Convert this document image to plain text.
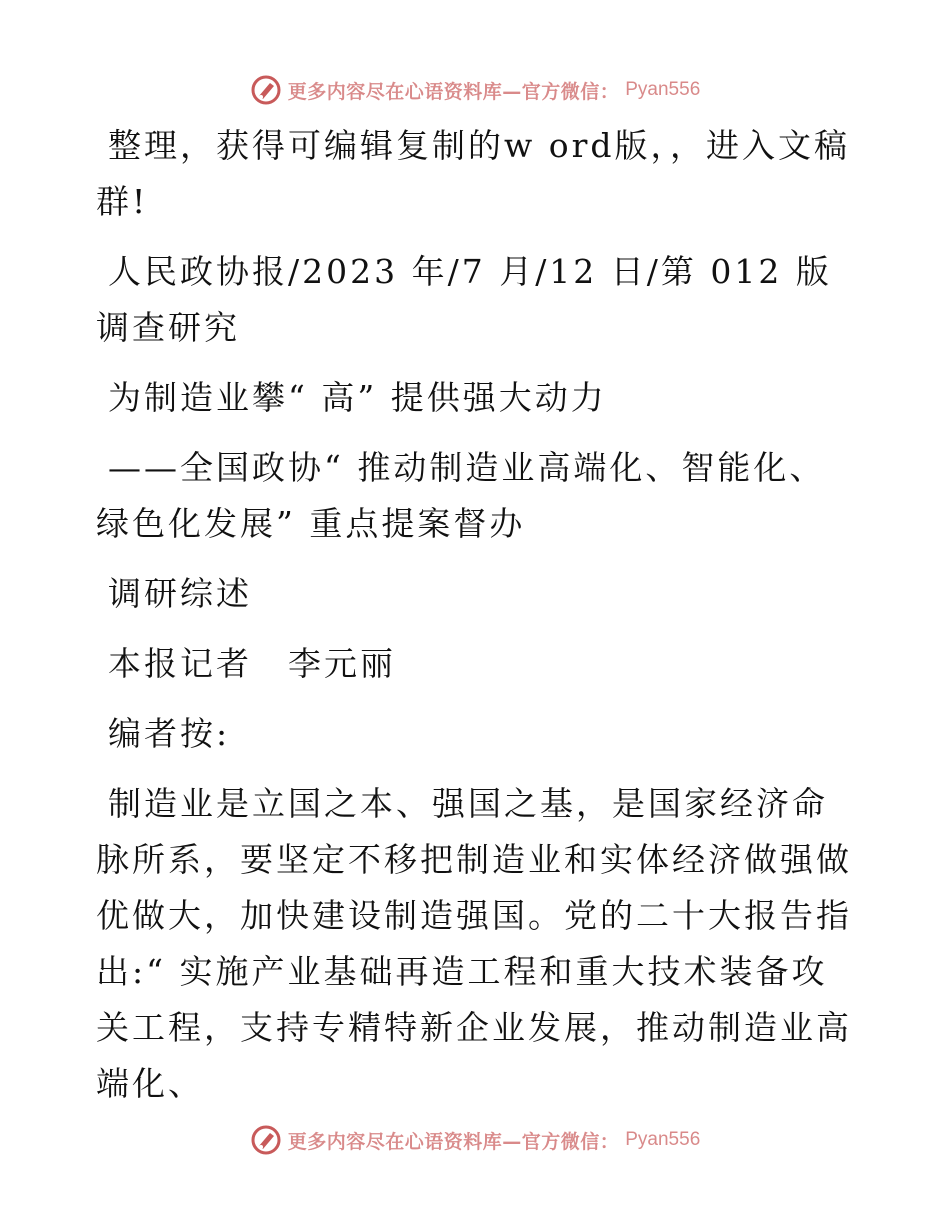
更多内容尽在心语资料库—官方微信： Pyan556

整理，获得可编辑复制的w ord版，，进入文稿群!

人民政协报/2023 年/7 月/12 日/第 012 版调查研究

为制造业攀“ 高” 提供强大动力

——全国政协“ 推动制造业高端化、智能化、绿色化发展” 重点提案督办

调研综述

本报记者　李元丽

编者按:

制造业是立国之本、强国之基，是国家经济命脉所系，要坚定不移把制造业和实体经济做强做优做大，加快建设制造强国。党的二十大报告指出:“ 实施产业基础再造工程和重大技术装备攻关工程，支持专精特新企业发展，推动制造业高端化、

更多内容尽在心语资料库—官方微信： Pyan556
